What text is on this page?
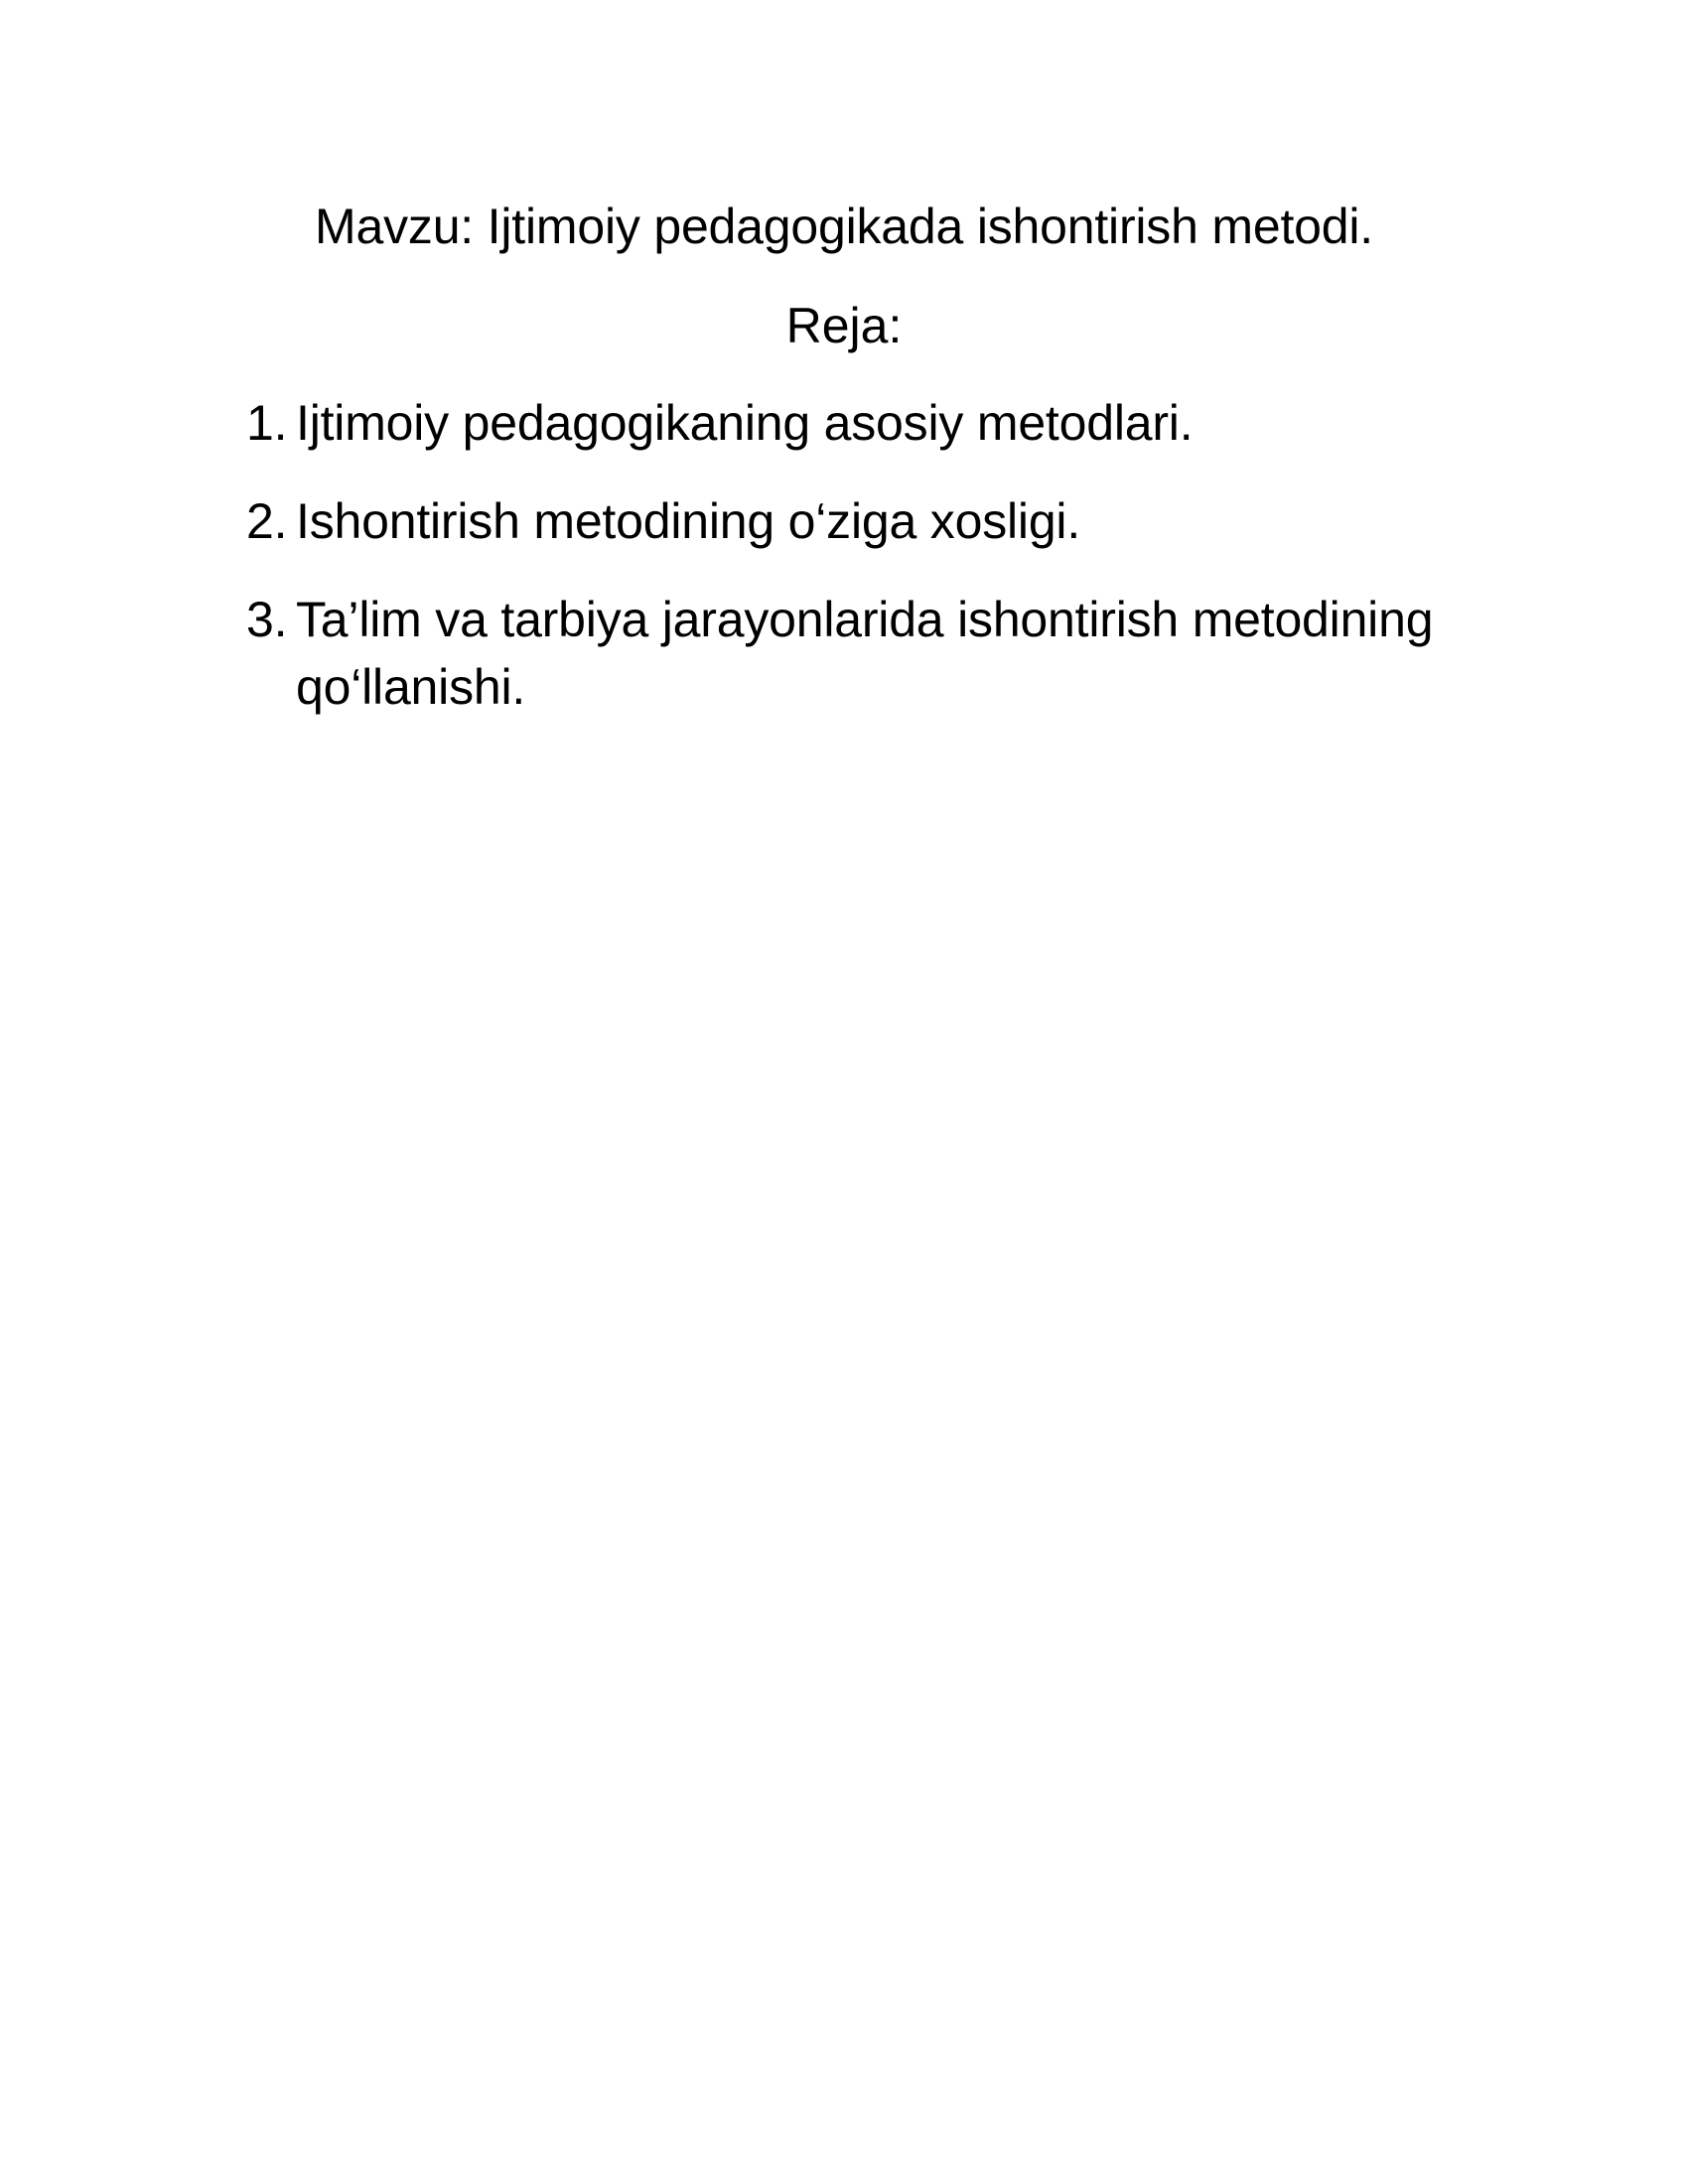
Mavzu: Ijtimoiy pedagogikada ishontirish metodi.
Reja:
1. Ijtimoiy pedagogikaning asosiy metodlari.
2. Ishontirish metodining o‘ziga xosligi.
3. Ta’lim va tarbiya jarayonlarida ishontirish metodining qo‘llanishi.
